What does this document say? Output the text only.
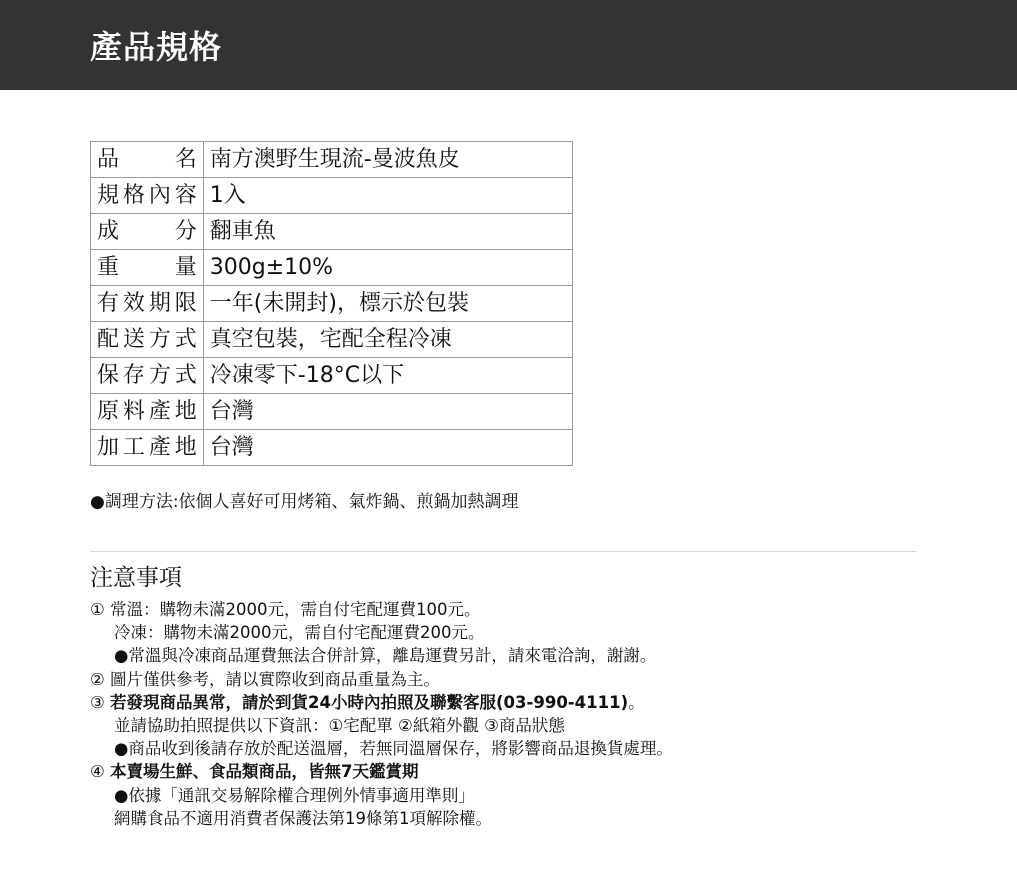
產品規格
品　　名	南方澳野生現流-曼波魚皮
規格內容	1入
成　　分	翻車魚
重　　量	300g±10%
有效期限	一年(未開封)，標示於包裝
配送方式	真空包裝，宅配全程冷凍
保存方式	冷凍零下-18°C以下
原料產地	台灣
加工產地	台灣
●調理方法:依個人喜好可用烤箱、氣炸鍋、煎鍋加熱調理
注意事項
① 常溫：購物未滿2000元，需自付宅配運費100元。
冷凍：購物未滿2000元，需自付宅配運費200元。
●常溫與冷凍商品運費無法合併計算，離島運費另計，請來電洽詢，謝謝。
② 圖片僅供參考，請以實際收到商品重量為主。
③ 若發現商品異常，請於到貨24小時內拍照及聯繫客服(03-990-4111)。
並請協助拍照提供以下資訊：①宅配單 ②紙箱外觀 ③商品狀態
●商品收到後請存放於配送溫層，若無同溫層保存，將影響商品退換貨處理。
④ 本賣場生鮮、食品類商品，皆無7天鑑賞期
●依據「通訊交易解除權合理例外情事適用準則」
網購食品不適用消費者保護法第19條第1項解除權。
